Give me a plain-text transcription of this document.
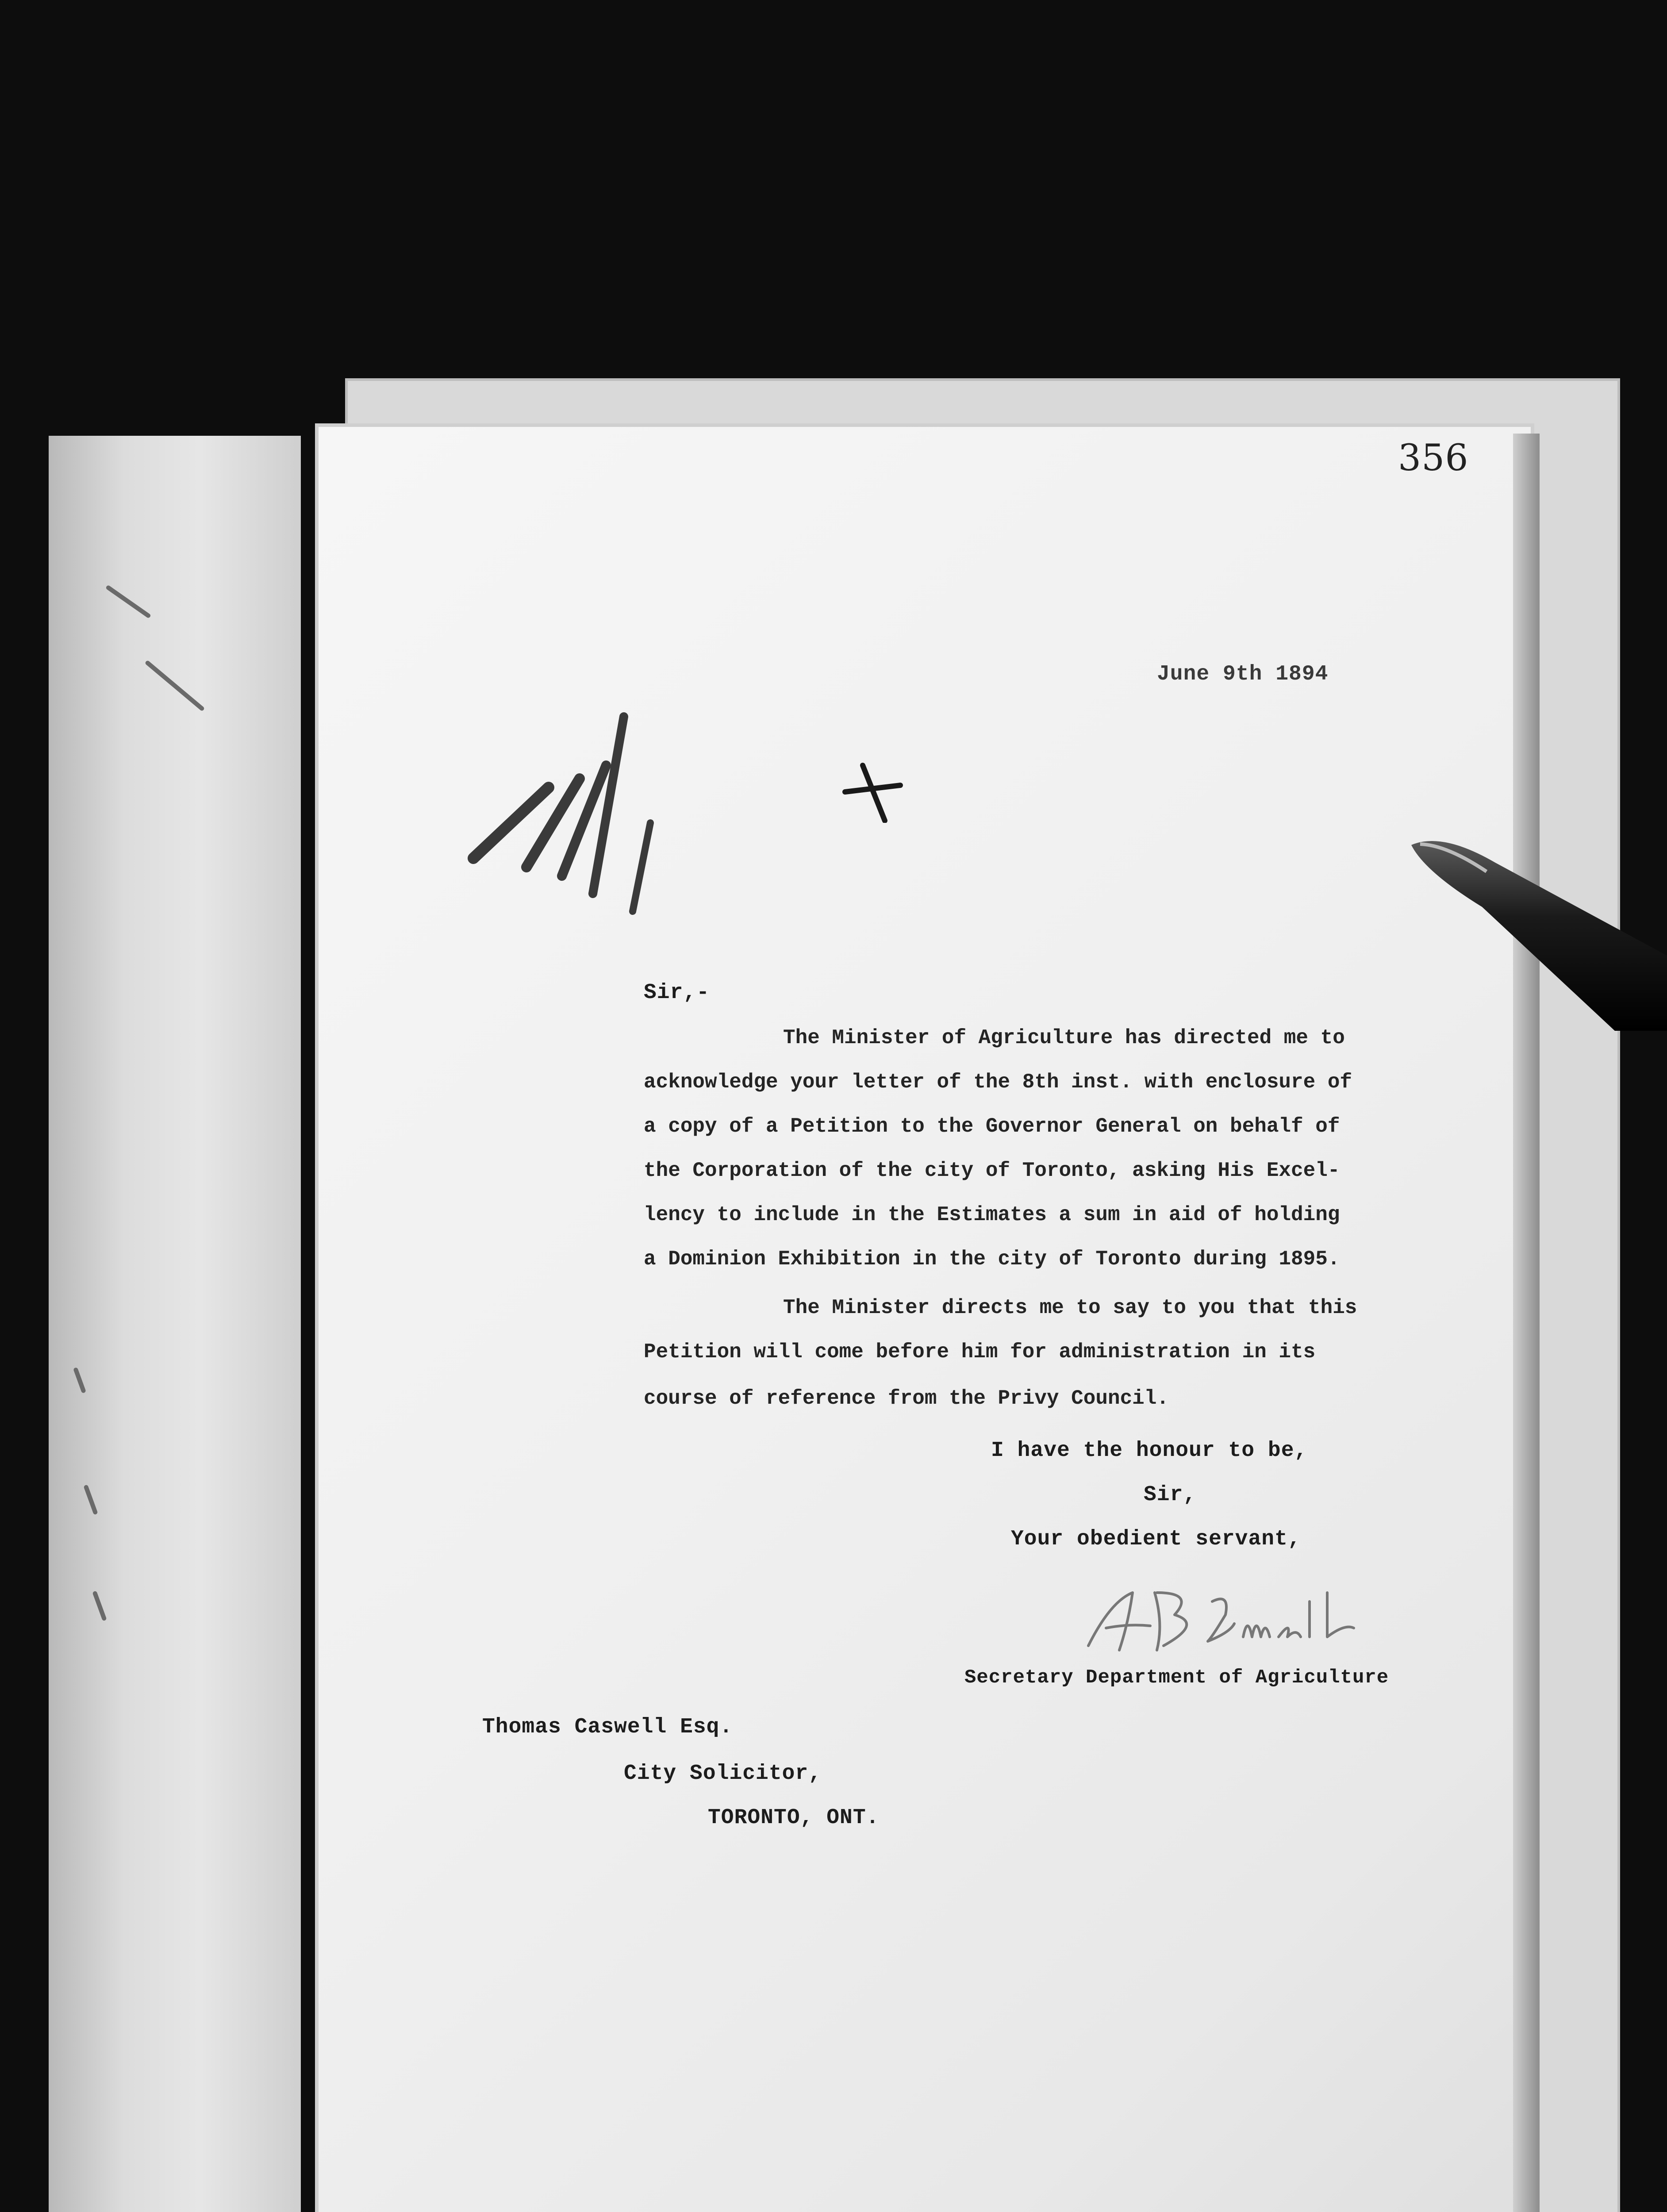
356
June 9th 1894
Sir,-
The Minister of Agriculture has directed me to
acknowledge your letter of the 8th inst. with enclosure of
a copy of a Petition to the Governor General on behalf of
the Corporation of the city of Toronto, asking His Excel-
lency to include in the Estimates a sum in aid of holding
a Dominion Exhibition in the city of Toronto during 1895.
The Minister directs me to say to you that this
Petition will come before him for administration in its
course of reference from the Privy Council.
I have the honour to be,
Sir,
Your obedient servant,
Secretary Department of Agriculture
Thomas Caswell Esq.
City Solicitor,
TORONTO, ONT.
